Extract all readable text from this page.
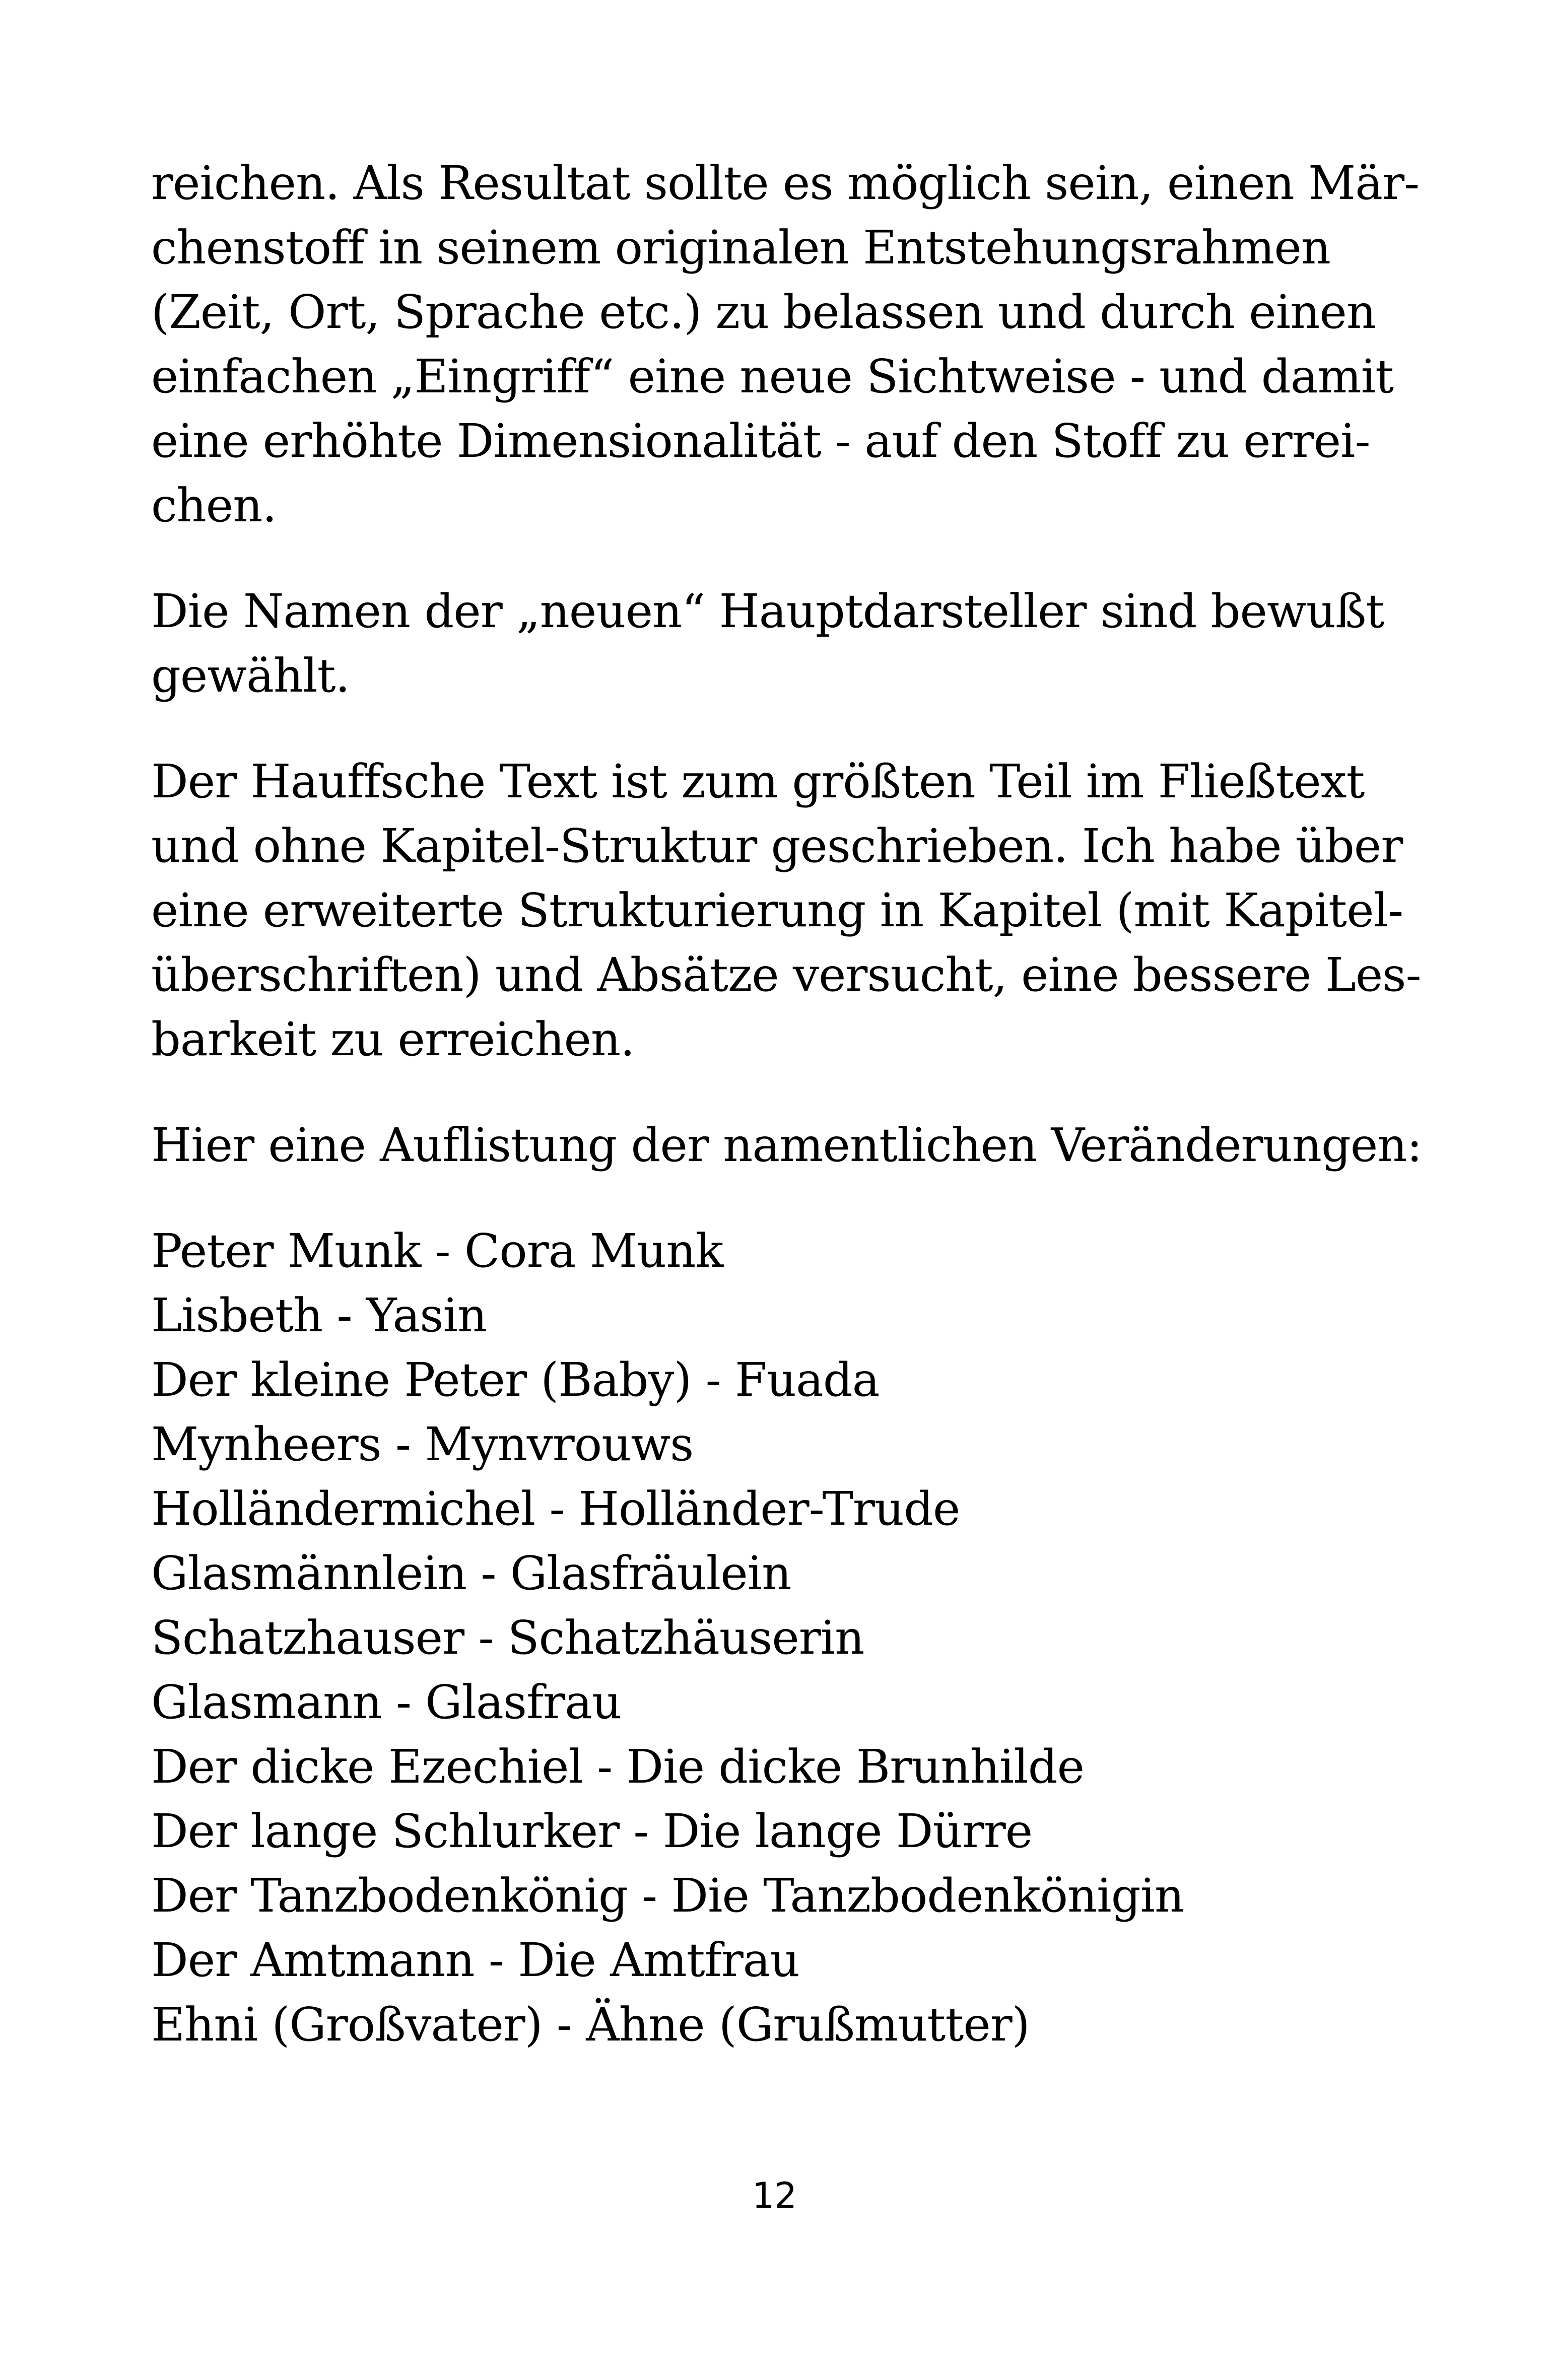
reichen. Als Resultat sollte es möglich sein, einen Mär-
chenstoff in seinem originalen Entstehungsrahmen
(Zeit, Ort, Sprache etc.) zu belassen und durch einen
einfachen „Eingriff“ eine neue Sichtweise - und damit
eine erhöhte Dimensionalität - auf den Stoff zu errei-
chen.
Die Namen der „neuen“ Hauptdarsteller sind bewußt
gewählt.
Der Hauffsche Text ist zum größten Teil im Fließtext
und ohne Kapitel-Struktur geschrieben. Ich habe über
eine erweiterte Strukturierung in Kapitel (mit Kapitel-
überschriften) und Absätze versucht, eine bessere Les-
barkeit zu erreichen.
Hier eine Auflistung der namentlichen Veränderungen:
Peter Munk - Cora Munk
Lisbeth - Yasin
Der kleine Peter (Baby) - Fuada
Mynheers - Mynvrouws
Holländermichel - Holländer-Trude
Glasmännlein - Glasfräulein
Schatzhauser - Schatzhäuserin
Glasmann - Glasfrau
Der dicke Ezechiel - Die dicke Brunhilde
Der lange Schlurker - Die lange Dürre
Der Tanzbodenkönig - Die Tanzbodenkönigin
Der Amtmann - Die Amtfrau
Ehni (Großvater) - Ähne (Grußmutter)
12
